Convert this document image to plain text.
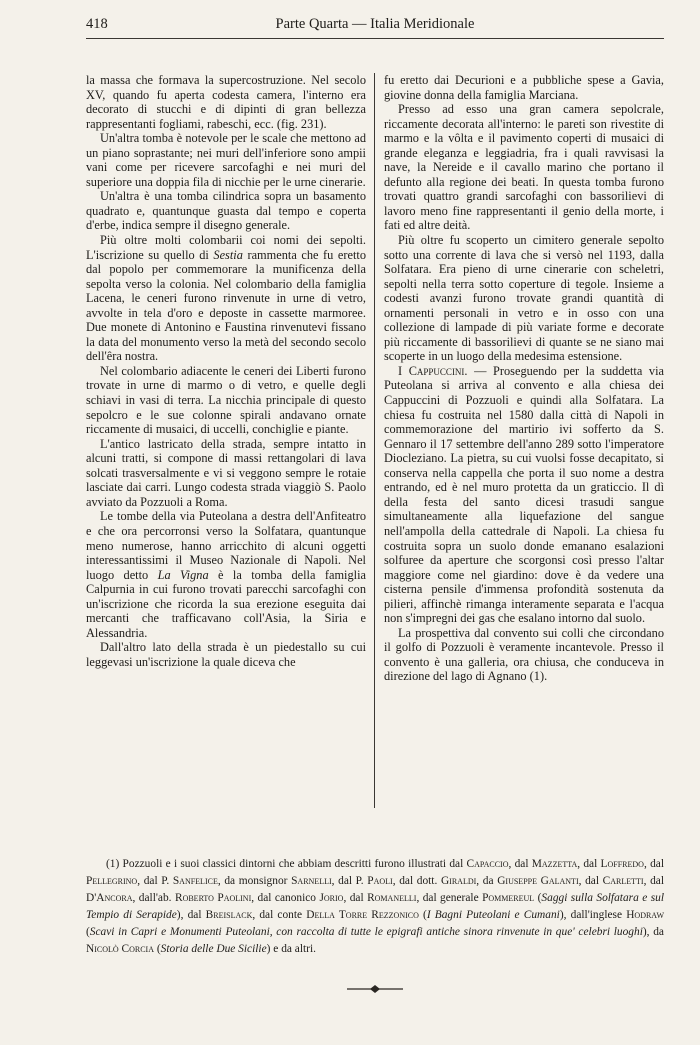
418	Parte Quarta — Italia Meridionale

la massa che formava la supercostruzione. Nel secolo XV, quando fu aperta codesta camera, l'interno era decorato di stucchi e di dipinti di gran bellezza rappresentanti fogliami, rabeschi, ecc. (fig. 231).

Un'altra tomba è notevole per le scale che mettono ad un piano soprastante; nei muri dell'inferiore sono ampii vani come per ricevere sarcofaghi e nei muri del superiore una doppia fila di nicchie per le urne cinerarie.

Un'altra è una tomba cilindrica sopra un basamento quadrato e, quantunque guasta dal tempo e coperta d'erbe, indica sempre il disegno generale.

Più oltre molti colombarii coi nomi dei sepolti. L'iscrizione su quello di Sestia rammenta che fu eretto dal popolo per commemorare la munificenza della sepolta verso la colonia. Nel colombario della famiglia Lacena, le ceneri furono rinvenute in urne di vetro, avvolte in tela d'oro e deposte in cassette marmoree. Due monete di Antonino e Faustina rinvenutevi fissano la data del monumento verso la metà del secondo secolo dell'êra nostra.

Nel colombario adiacente le ceneri dei Liberti furono trovate in urne di marmo o di vetro, e quelle degli schiavi in vasi di terra. La nicchia principale di questo sepolcro e le sue colonne spirali andavano ornate riccamente di musaici, di uccelli, conchiglie e piante.

L'antico lastricato della strada, sempre intatto in alcuni tratti, si compone di massi rettangolari di lava solcati trasversalmente e vi si veggono sempre le rotaie lasciate dai carri. Lungo codesta strada viaggiò S. Paolo avviato da Pozzuoli a Roma.

Le tombe della via Puteolana a destra dell'Anfiteatro e che ora percorronsi verso la Solfatara, quantunque meno numerose, hanno arricchito di alcuni oggetti interessantissimi il Museo Nazionale di Napoli. Nel luogo detto La Vigna è la tomba della famiglia Calpurnia in cui furono trovati parecchi sarcofaghi con un'iscrizione che ricorda la sua erezione eseguita dai mercanti che trafficavano coll'Asia, la Siria e Alessandria.

Dall'altro lato della strada è un piedestallo su cui leggevasi un'iscrizione la quale diceva che

fu eretto dai Decurioni e a pubbliche spese a Gavia, giovine donna della famiglia Marciana.

Presso ad esso una gran camera sepolcrale, riccamente decorata all'interno: le pareti son rivestite di marmo e la vôlta e il pavimento coperti di musaici di grande eleganza e leggiadria, fra i quali ravvisasi la nave, la Nereide e il cavallo marino che portano il defunto alla regione dei beati. In questa tomba furono trovati quattro grandi sarcofaghi con bassorilievi di lavoro meno fine rappresentanti il genio della morte, i fati ed altre deità.

Più oltre fu scoperto un cimitero generale sepolto sotto una corrente di lava che si versò nel 1193, dalla Solfatara. Era pieno di urne cinerarie con scheletri, sepolti nella terra sotto coperture di tegole. Insieme a codesti avanzi furono trovate grandi quantità di ornamenti personali in vetro e in osso con una collezione di lampade di più variate forme e decorate più riccamente di bassorilievi di quante se ne siano mai scoperte in un luogo della medesima estensione.

I Cappuccini. — Proseguendo per la suddetta via Puteolana si arriva al convento e alla chiesa dei Cappuccini di Pozzuoli e quindi alla Solfatara. La chiesa fu costruita nel 1580 dalla città di Napoli in commemorazione del martirio ivi sofferto da S. Gennaro il 17 settembre dell'anno 289 sotto l'imperatore Diocleziano. La pietra, su cui vuolsi fosse decapitato, si conserva nella cappella che porta il suo nome a destra entrando, ed è nel muro protetta da un graticcio. Il dì della festa del santo dicesi trasudi sangue simultaneamente alla liquefazione del sangue nell'ampolla della cattedrale di Napoli. La chiesa fu costruita sopra un suolo donde emanano esalazioni solfuree da aperture che scorgonsi così presso l'altar maggiore come nel giardino: dove è da vedere una cisterna pensile d'immensa profondità sostenuta da pilieri, affinchè rimanga interamente separata e l'acqua non s'impregni dei gas che esalano intorno dal suolo.

La prospettiva dal convento sui colli che circondano il golfo di Pozzuoli è veramente incantevole. Presso il convento è una galleria, ora chiusa, che conduceva in direzione del lago di Agnano (1).

(1) Pozzuoli e i suoi classici dintorni che abbiam descritti furono illustrati dal Capaccio, dal Mazzetta, dal Loffredo, dal Pellegrino, dal P. Sanfelice, da monsignor Sarnelli, dal P. Paoli, dal dott. Giraldi, da Giuseppe Galanti, dal Carletti, dal D'Ancora, dall'ab. Roberto Paolini, dal canonico Jorio, dal Romanelli, dal generale Pommereul (Saggi sulla Solfatara e sul Tempio di Serapide), dal Breislack, dal conte Della Torre Rezzonico (I Bagni Puteolani e Cumani), dall'inglese Hodraw (Scavi in Capri e Monumenti Puteolani, con raccolta di tutte le epigrafi antiche sinora rinvenute in que' celebri luoghi), da Nicolò Corcia (Storia delle Due Sicilie) e da altri.
